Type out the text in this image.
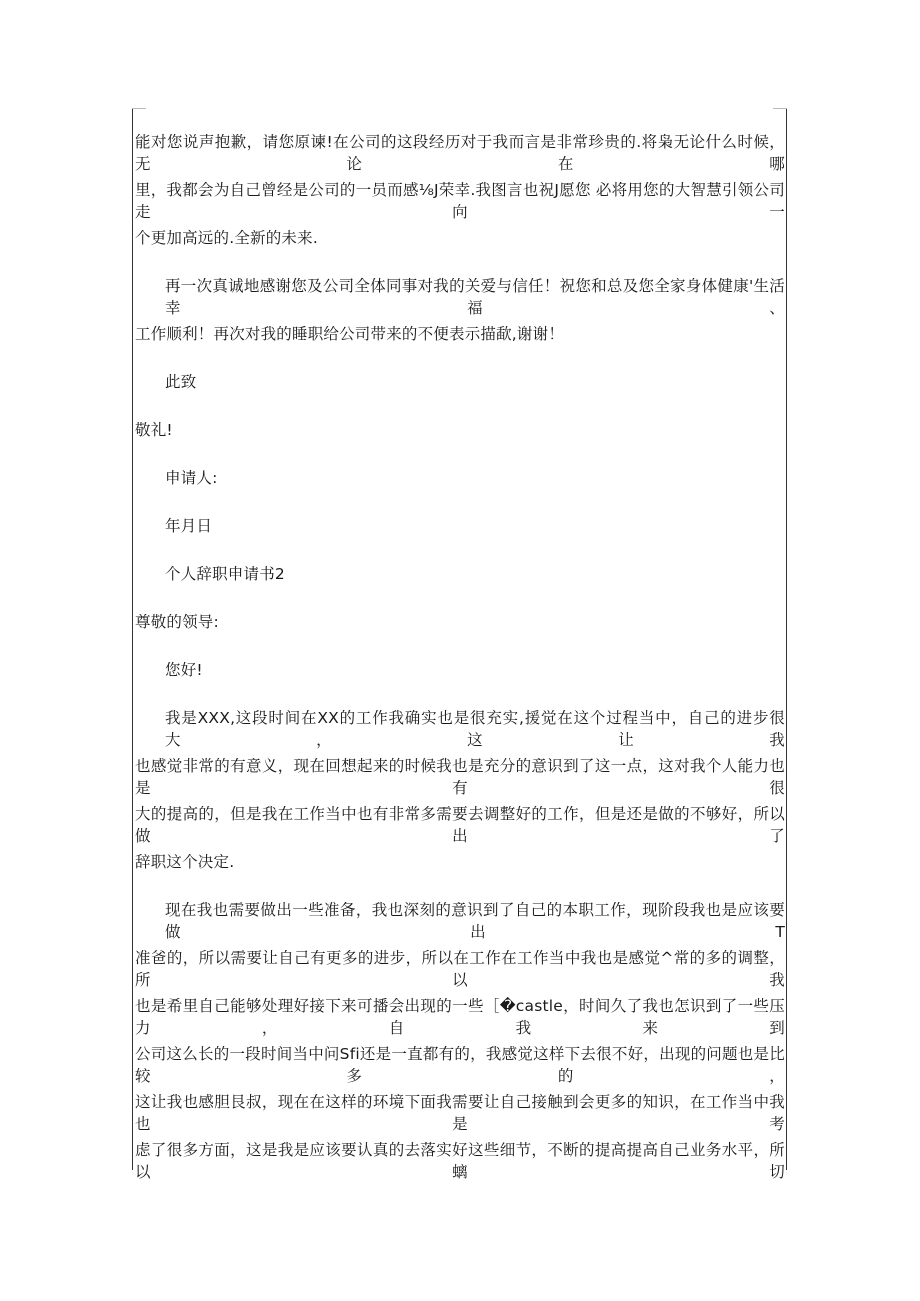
能对您说声抱歉，请您原谏!在公司的这段经历对于我而言是非常珍贵的.将枭无论什么时候，无论在哪
里，我都会为自己曾经是公司的一员而感⅛J荣幸.我图言也祝J愿您 必将用您的大智慧引领公司走向一
个更加高远的.全新的未来.
再一次真诚地感谢您及公司全体同事对我的关爱与信任！祝您和总及您全家身体健康'生活幸福、
工作顺利！再次对我的睡职给公司带来的不便表示描歃,谢谢！
此致
敬礼!
申请人:
年月日
个人辞职申请书2
尊敬的领导:
您好!
我是XXX,这段时间在XX的工作我确实也是很充实,援觉在这个过程当中，自己的进步很大，这让我
也感觉非常的有意义，现在回想起来的时候我也是充分的意识到了这一点，这对我个人能力也是有很
大的提高的，但是我在工作当中也有非常多需要去调整好的工作，但是还是做的不够好，所以做出了
辞职这个决定.
现在我也需要做出一些准备，我也深刻的意识到了自己的本职工作，现阶段我也是应该要做出T
准爸的，所以需要让自己有更多的进步，所以在工作在工作当中我也是感觉^常的多的调整，所以我
也是希里自己能够处理好接下来可播会出现的一些［�castle，时间久了我也怎识到了一些压力，自我来到
公司这么长的一段时间当中问Sfi还是一直都有的，我感觉这样下去很不好，出现的问题也是比较多的，
这让我也感胆艮叔，现在在这样的环境下面我需要让自己接触到会更多的知识，在工作当中我也是考
虑了很多方面，这是我是应该要认真的去落实好这些细节，不断的提高提高自己业务水平，所以螭切
